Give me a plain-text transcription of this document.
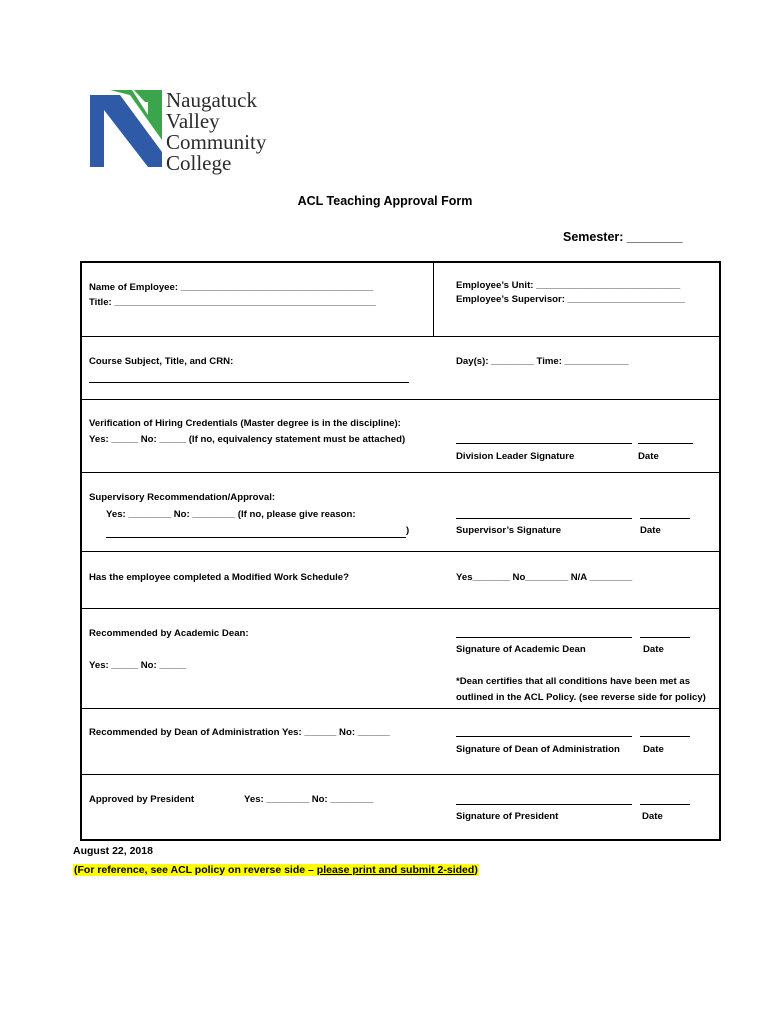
Naugatuck
Valley
Community
College
ACL Teaching Approval Form
Semester: ________
Name of Employee: ____________________________________
Title: _________________________________________________
Employee’s Unit: ___________________________
Employee’s Supervisor: ______________________
Course Subject, Title, and CRN:	Day(s): ________ Time: ____________
Verification of Hiring Credentials (Master degree is in the discipline):
Yes: _____ No: _____ (If no, equivalency statement must be attached)
Division Leader Signature	Date
Supervisory Recommendation/Approval:
Yes: ________ No: ________ (If no, please give reason:
)	Supervisor’s Signature	Date
Has the employee completed a Modified Work Schedule?	Yes_______ No________ N/A ________
Recommended by Academic Dean:
Yes: _____ No: _____
Signature of Academic Dean	Date
*Dean certifies that all conditions have been met as
outlined in the ACL Policy. (see reverse side for policy)
Recommended by Dean of Administration Yes: ______ No: ______
Signature of Dean of Administration Date
Approved by President	Yes: ________ No: ________
Signature of President	Date
August 22, 2018
(For reference, see ACL policy on reverse side – please print and submit 2-sided)
